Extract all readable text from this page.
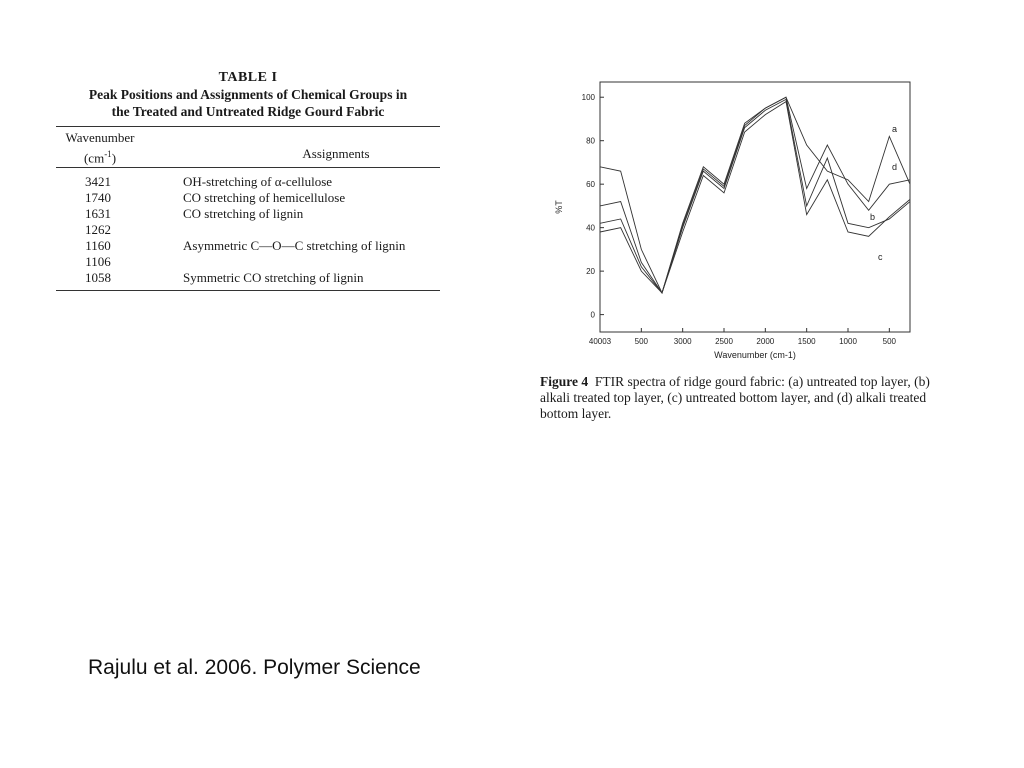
TABLE I
Peak Positions and Assignments of Chemical Groups in
the Treated and Untreated Ridge Gourd Fabric
Wavenumber
$(cm^{-1})$	Assignments
3421	OH-stretching of α-cellulose
1740	CO stretching of hemicellulose
1631	CO stretching of lignin
1262
1160	Asymmetric C—O—C stretching of lignin
1106
1058	Symmetric CO stretching of lignin
0
20
40
60
80
100
40003	500	3000	2500	2000	1500	1000	500
Wavenumber (cm-1)
%T
a
b
c
d
Figure 4 FTIR spectra of ridge gourd fabric: (a) untreated top layer, (b) alkali treated top layer, (c) untreated bottom layer, and (d) alkali treated bottom layer.
Rajulu et al. 2006. Polymer Science
